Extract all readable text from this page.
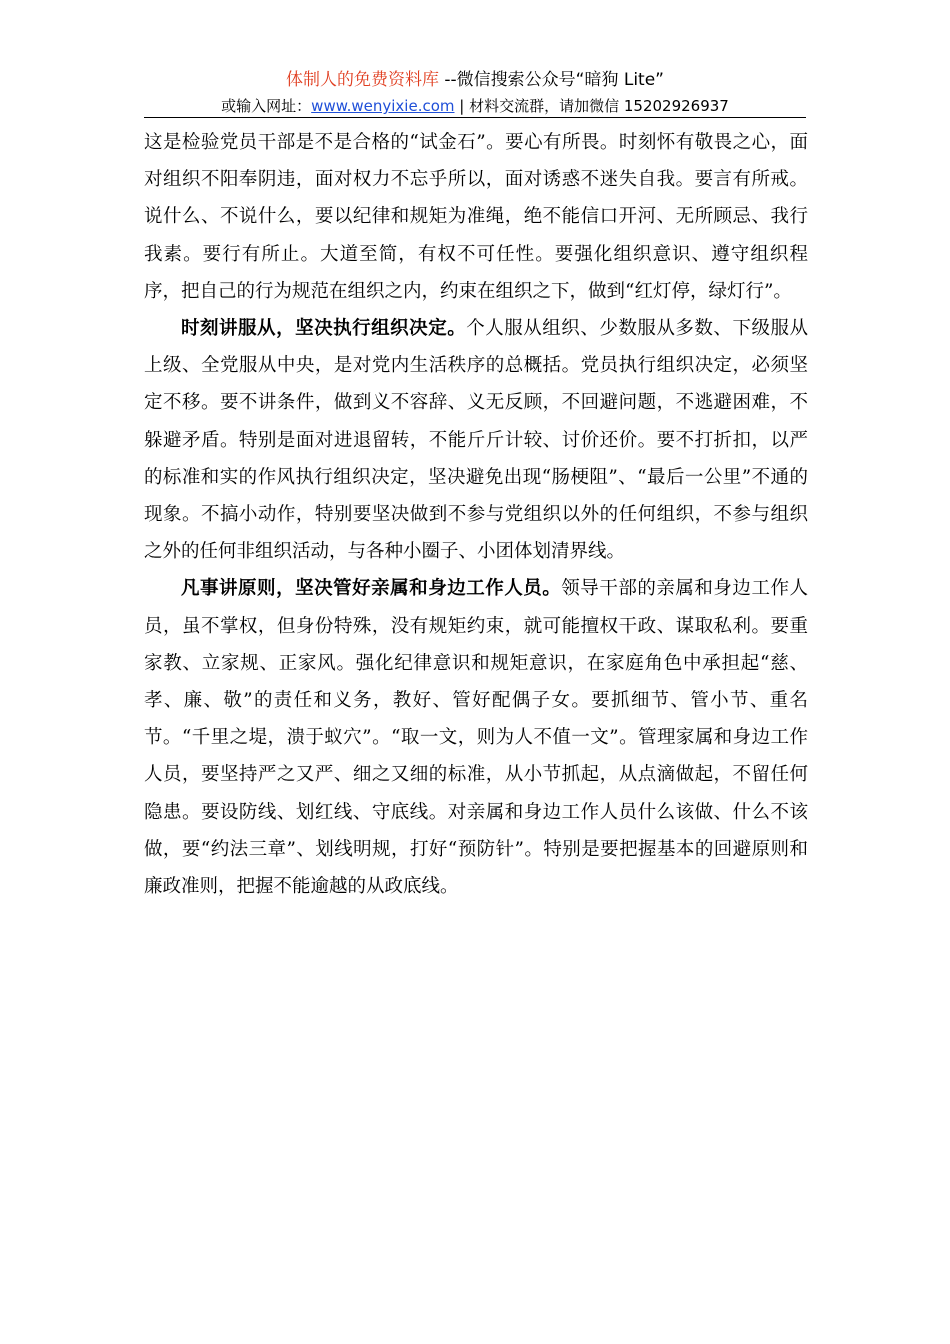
体制人的免费资料库 --微信搜索公众号“暗狗 Lite”
或输入网址：www.wenyixie.com | 材料交流群，请加微信 15202926937

这是检验党员干部是不是合格的“试金石”。要心有所畏。时刻怀有敬畏之心，面对组织不阳奉阴违，面对权力不忘乎所以，面对诱惑不迷失自我。要言有所戒。说什么、不说什么，要以纪律和规矩为准绳，绝不能信口开河、无所顾忌、我行我素。要行有所止。大道至简，有权不可任性。要强化组织意识、遵守组织程序，把自己的行为规范在组织之内，约束在组织之下，做到“红灯停，绿灯行”。

时刻讲服从，坚决执行组织决定。个人服从组织、少数服从多数、下级服从上级、全党服从中央，是对党内生活秩序的总概括。党员执行组织决定，必须坚定不移。要不讲条件，做到义不容辞、义无反顾，不回避问题，不逃避困难，不躲避矛盾。特别是面对进退留转，不能斤斤计较、讨价还价。要不打折扣，以严的标准和实的作风执行组织决定，坚决避免出现“肠梗阻”、“最后一公里”不通的现象。不搞小动作，特别要坚决做到不参与党组织以外的任何组织，不参与组织之外的任何非组织活动，与各种小圈子、小团体划清界线。

凡事讲原则，坚决管好亲属和身边工作人员。领导干部的亲属和身边工作人员，虽不掌权，但身份特殊，没有规矩约束，就可能擅权干政、谋取私利。要重家教、立家规、正家风。强化纪律意识和规矩意识，在家庭角色中承担起“慈、孝、廉、敬”的责任和义务，教好、管好配偶子女。要抓细节、管小节、重名节。“千里之堤，溃于蚁穴”。“取一文，则为人不值一文”。管理家属和身边工作人员，要坚持严之又严、细之又细的标准，从小节抓起，从点滴做起，不留任何隐患。要设防线、划红线、守底线。对亲属和身边工作人员什么该做、什么不该做，要“约法三章”、划线明规，打好“预防针”。特别是要把握基本的回避原则和廉政准则，把握不能逾越的从政底线。
